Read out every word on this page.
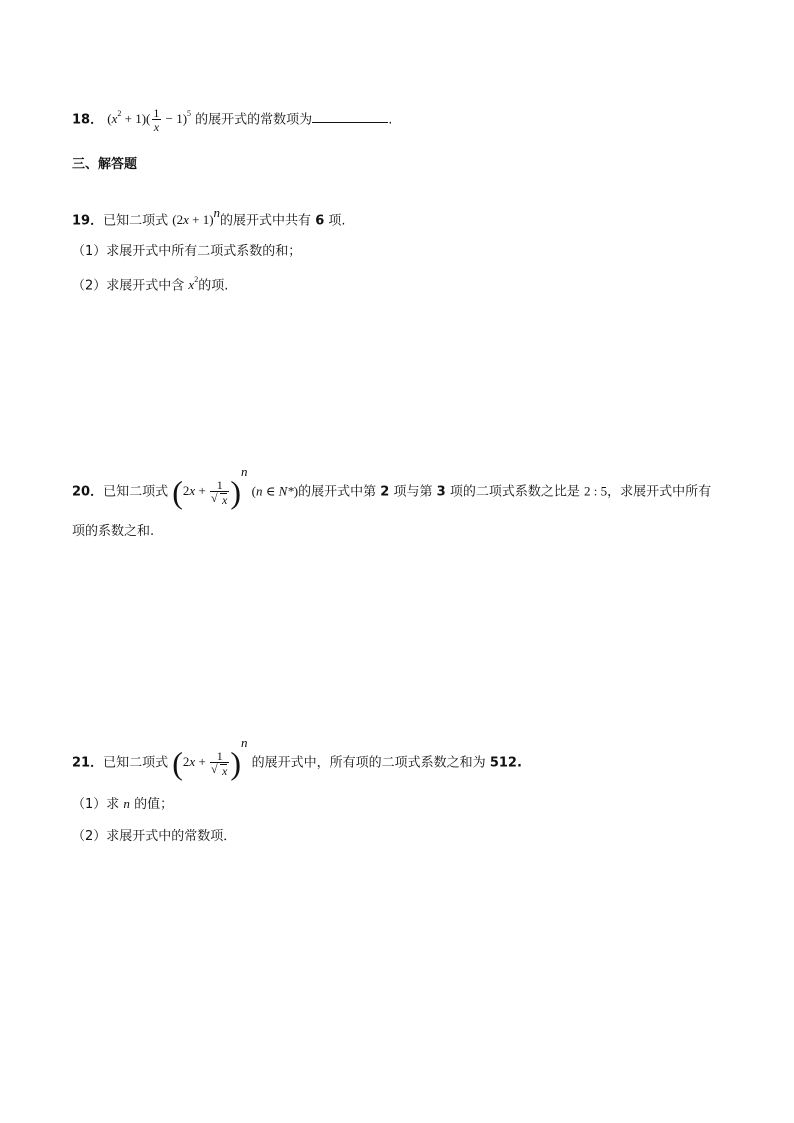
18． $(x^2 + 1)( \frac{1}{x} - 1)^5$ 的展开式的常数项为	.
三、解答题
19．已知二项式 $(2x + 1)^n$的展开式中共有 6 项.
（1）求展开式中所有二项式系数的和；
（2）求展开式中含 $x^2$的项.
20．已知二项式 (2x + 1
√ x )$^n$ (n ∈ N*)的展开式中第 2 项与第 3 项的二项式系数之比是 2 : 5，求展开式中所有
项的系数之和.
21．已知二项式 (2x + 1
√ x )$^n$ 的展开式中，所有项的二项式系数之和为 512.
（1）求 n 的值；
（2）求展开式中的常数项．
